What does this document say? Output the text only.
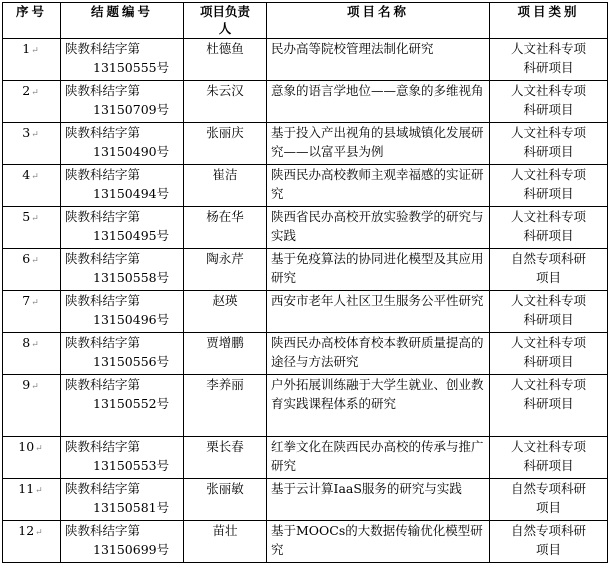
序号	结题编号	项目负责
人	项目名称	项目类别
1↵	陕教科结字第
13150555号	杜德鱼	民办高等院校管理法制化研究	人文社科专项
科研项目
2↵	陕教科结字第
13150709号	朱云汉	意象的语言学地位——意象的多维视角	人文社科专项
科研项目
3↵	陕教科结字第
13150490号	张丽庆	基于投入产出视角的县域城镇化发展研究——以富平县为例	人文社科专项
科研项目
4↵	陕教科结字第
13150494号	崔洁	陕西民办高校教师主观幸福感的实证研究	人文社科专项
科研项目
5↵	陕教科结字第
13150495号	杨在华	陕西省民办高校开放实验教学的研究与实践	人文社科专项
科研项目
6↵	陕教科结字第
13150558号	陶永芹	基于免疫算法的协同进化模型及其应用研究	自然专项科研
项目
7↵	陕教科结字第
13150496号	赵瑛	西安市老年人社区卫生服务公平性研究	人文社科专项
科研项目
8↵	陕教科结字第
13150556号	贾增鹏	陕西民办高校体育校本教研质量提高的途径与方法研究	人文社科专项
科研项目
9↵	陕教科结字第
13150552号	李养丽	户外拓展训练融于大学生就业、创业教育实践课程体系的研究	人文社科专项
科研项目
10↵	陕教科结字第
13150553号	栗长春	红拳文化在陕西民办高校的传承与推广研究	人文社科专项
科研项目
11↵	陕教科结字第
13150581号	张丽敏	基于云计算IaaS服务的研究与实践	自然专项科研
项目
12↵	陕教科结字第
13150699号	苗壮	基于MOOCs的大数据传输优化模型研究	自然专项科研
项目
